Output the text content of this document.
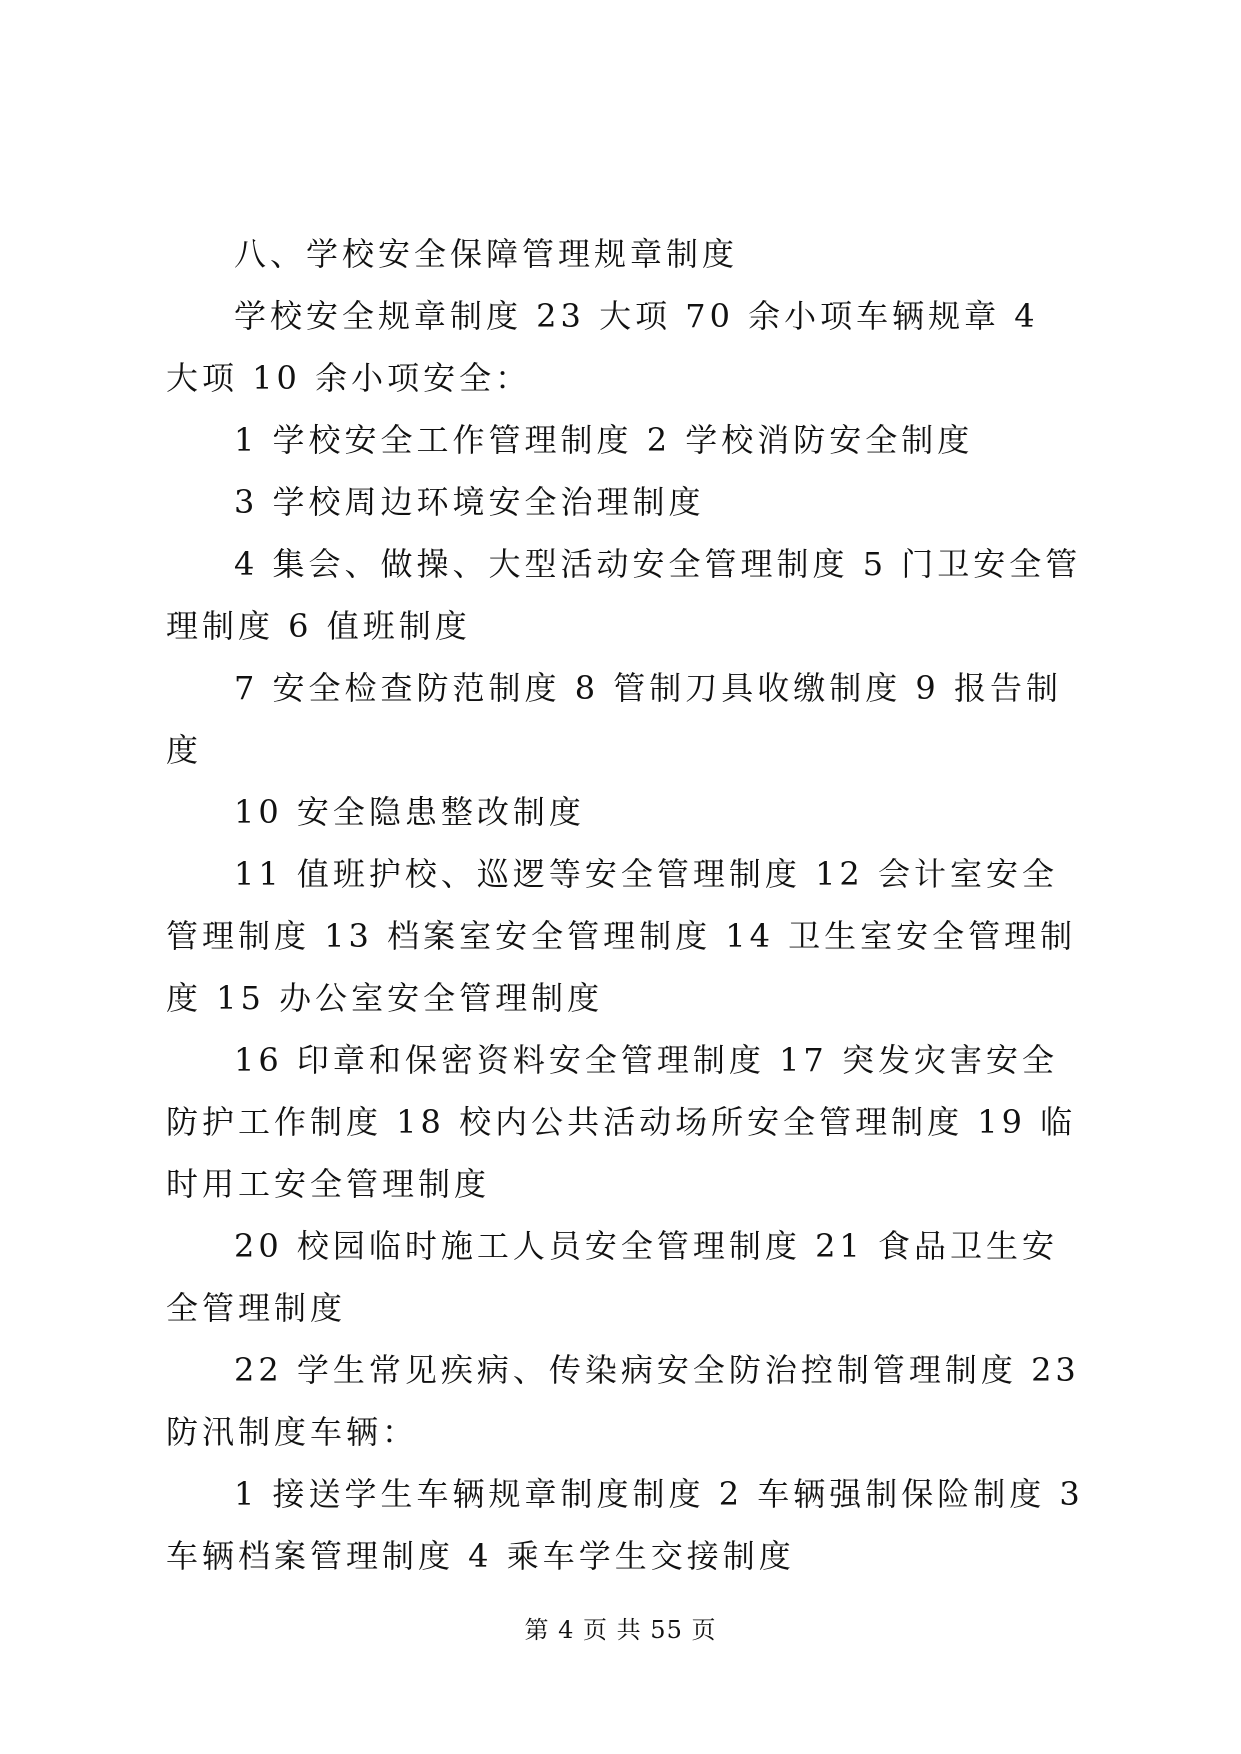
八、学校安全保障管理规章制度

学校安全规章制度 23 大项 70 余小项车辆规章 4 大项 10 余小项安全：

1 学校安全工作管理制度 2 学校消防安全制度

3 学校周边环境安全治理制度

4 集会、做操、大型活动安全管理制度 5 门卫安全管理制度 6 值班制度

7 安全检查防范制度 8 管制刀具收缴制度 9 报告制度

10 安全隐患整改制度

11 值班护校、巡逻等安全管理制度 12 会计室安全管理制度 13 档案室安全管理制度 14 卫生室安全管理制度 15 办公室安全管理制度

16 印章和保密资料安全管理制度 17 突发灾害安全防护工作制度 18 校内公共活动场所安全管理制度 19 临时用工安全管理制度

20 校园临时施工人员安全管理制度 21 食品卫生安全管理制度

22 学生常见疾病、传染病安全防治控制管理制度 23 防汛制度车辆：

1 接送学生车辆规章制度制度 2 车辆强制保险制度 3 车辆档案管理制度 4 乘车学生交接制度

第 4 页 共 55 页
